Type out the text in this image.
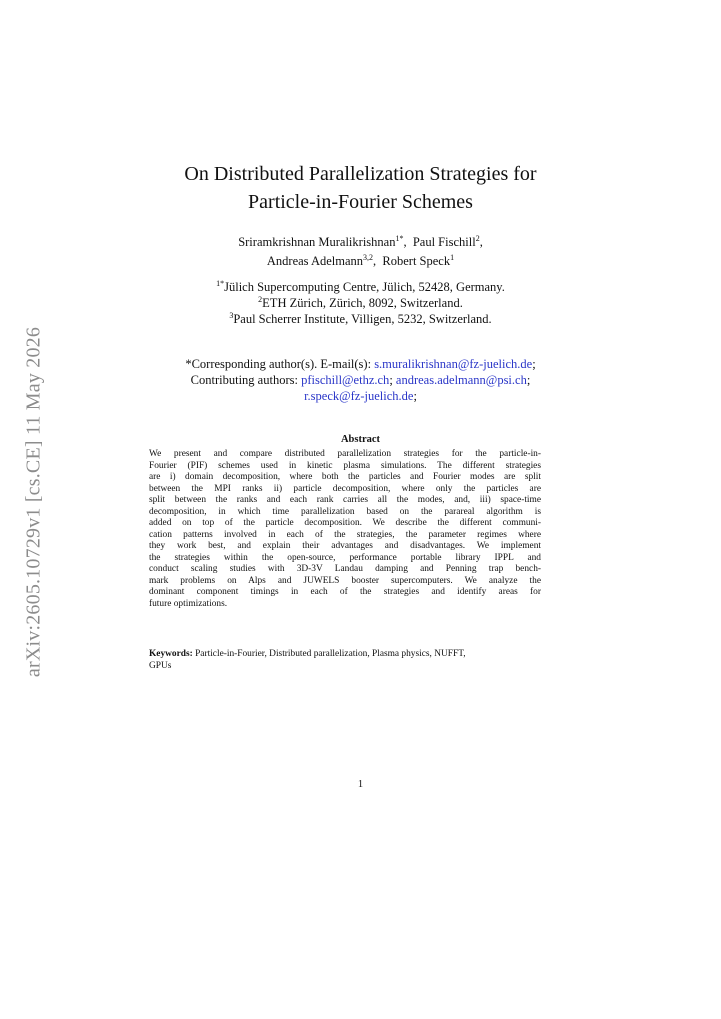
arXiv:2605.10729v1 [cs.CE] 11 May 2026
On Distributed Parallelization Strategies for
Particle-in-Fourier Schemes
Sriramkrishnan Muralikrishnan$^{1*}$,  Paul Fischill$^2$,
Andreas Adelmann$^{3,2}$,  Robert Speck$^1$
$^{1*}$Jülich Supercomputing Centre, Jülich, 52428, Germany.
$^2$ETH Zürich, Zürich, 8092, Switzerland.
$^3$Paul Scherrer Institute, Villigen, 5232, Switzerland.
*Corresponding author(s). E-mail(s): s.muralikrishnan@fz-juelich.de;
Contributing authors: pfischill@ethz.ch; andreas.adelmann@psi.ch;
r.speck@fz-juelich.de;
Abstract
We present and compare distributed parallelization strategies for the particle-in-
Fourier (PIF) schemes used in kinetic plasma simulations. The different strategies
are i) domain decomposition, where both the particles and Fourier modes are split
between the MPI ranks ii) particle decomposition, where only the particles are
split between the ranks and each rank carries all the modes, and, iii) space-time
decomposition, in which time parallelization based on the parareal algorithm is
added on top of the particle decomposition. We describe the different communi-
cation patterns involved in each of the strategies, the parameter regimes where
they work best, and explain their advantages and disadvantages. We implement
the strategies within the open-source, performance portable library IPPL and
conduct scaling studies with 3D-3V Landau damping and Penning trap bench-
mark problems on Alps and JUWELS booster supercomputers. We analyze the
dominant component timings in each of the strategies and identify areas for
future optimizations.
Keywords: Particle-in-Fourier, Distributed parallelization, Plasma physics, NUFFT,
GPUs
1
